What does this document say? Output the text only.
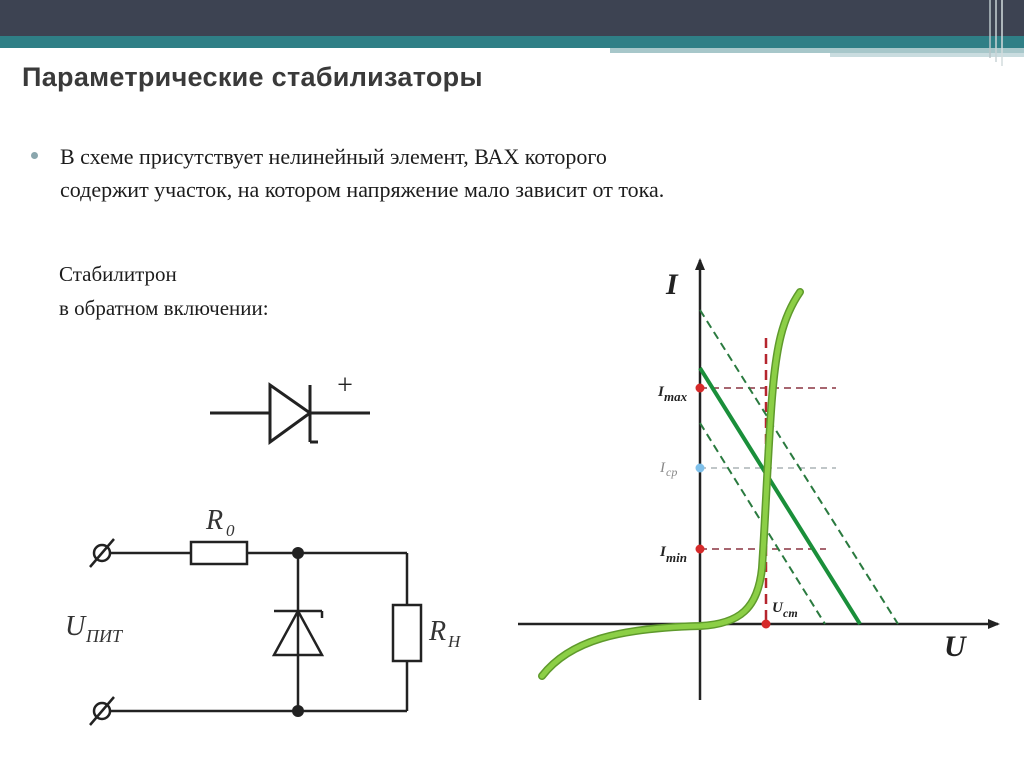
Параметрические стабилизаторы
В схеме присутствует нелинейный элемент, ВАХ которого
содержит участок, на котором напряжение мало зависит от тока.
Стабилитрон
в обратном включении:
+
R 0
R Н
U ПИТ
I
U
I max
I cp
I min
U cm
